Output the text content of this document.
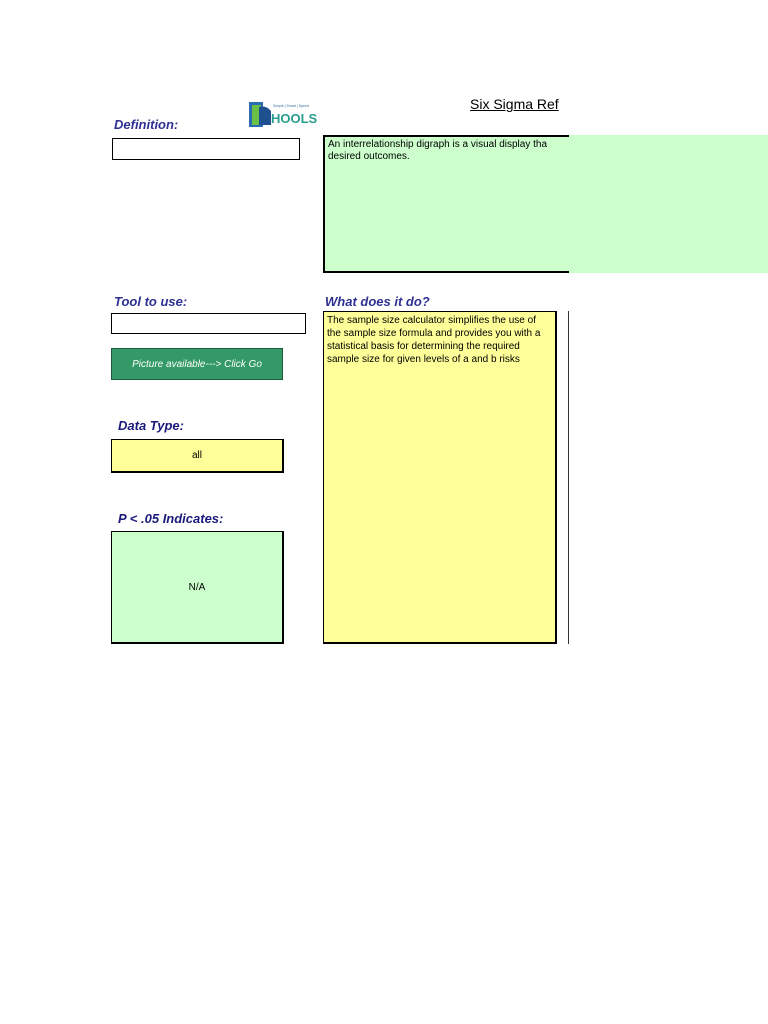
Six Sigma Ref
Simple | Smart | Speed
HOOLS
Definition:
An interrelationship digraph is a visual display tha
desired outcomes.
Tool to use:	What does it do?
Picture available---> Click Go
Data Type:
all
P < .05 Indicates:
N/A
The sample size calculator simplifies the use of the sample size formula and provides you with a statistical basis for determining the required sample size for given levels of a and b risks
